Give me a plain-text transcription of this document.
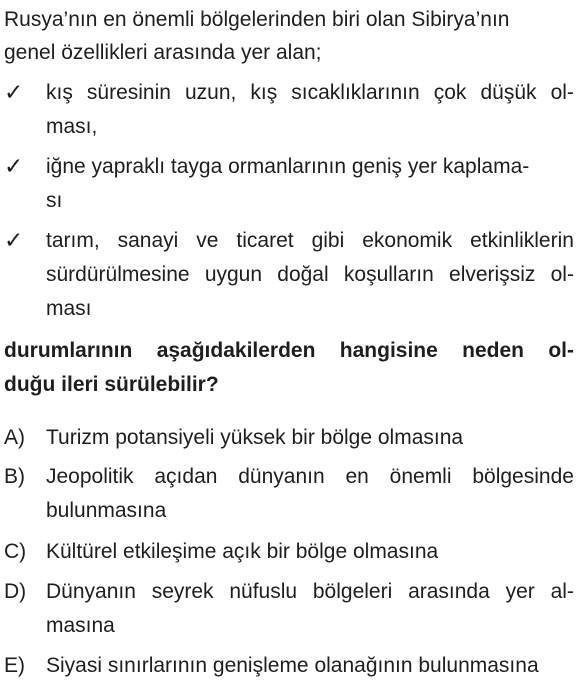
Rusya’nın en önemli bölgelerinden biri olan Sibirya’nın
genel özellikleri arasında yer alan;
✓ kış süresinin uzun, kış sıcaklıklarının çok düşük ol-
ması,
✓ iğne yapraklı tayga ormanlarının geniş yer kaplama-
sı
✓ tarım, sanayi ve ticaret gibi ekonomik etkinliklerin
sürdürülmesine uygun doğal koşulların elverişsiz ol-
ması
durumlarının aşağıdakilerden hangisine neden ol-
duğu ileri sürülebilir?
A) Turizm potansiyeli yüksek bir bölge olmasına
B) Jeopolitik açıdan dünyanın en önemli bölgesinde
bulunmasına
C) Kültürel etkileşime açık bir bölge olmasına
D) Dünyanın seyrek nüfuslu bölgeleri arasında yer al-
masına
E) Siyasi sınırlarının genişleme olanağının bulunmasına
